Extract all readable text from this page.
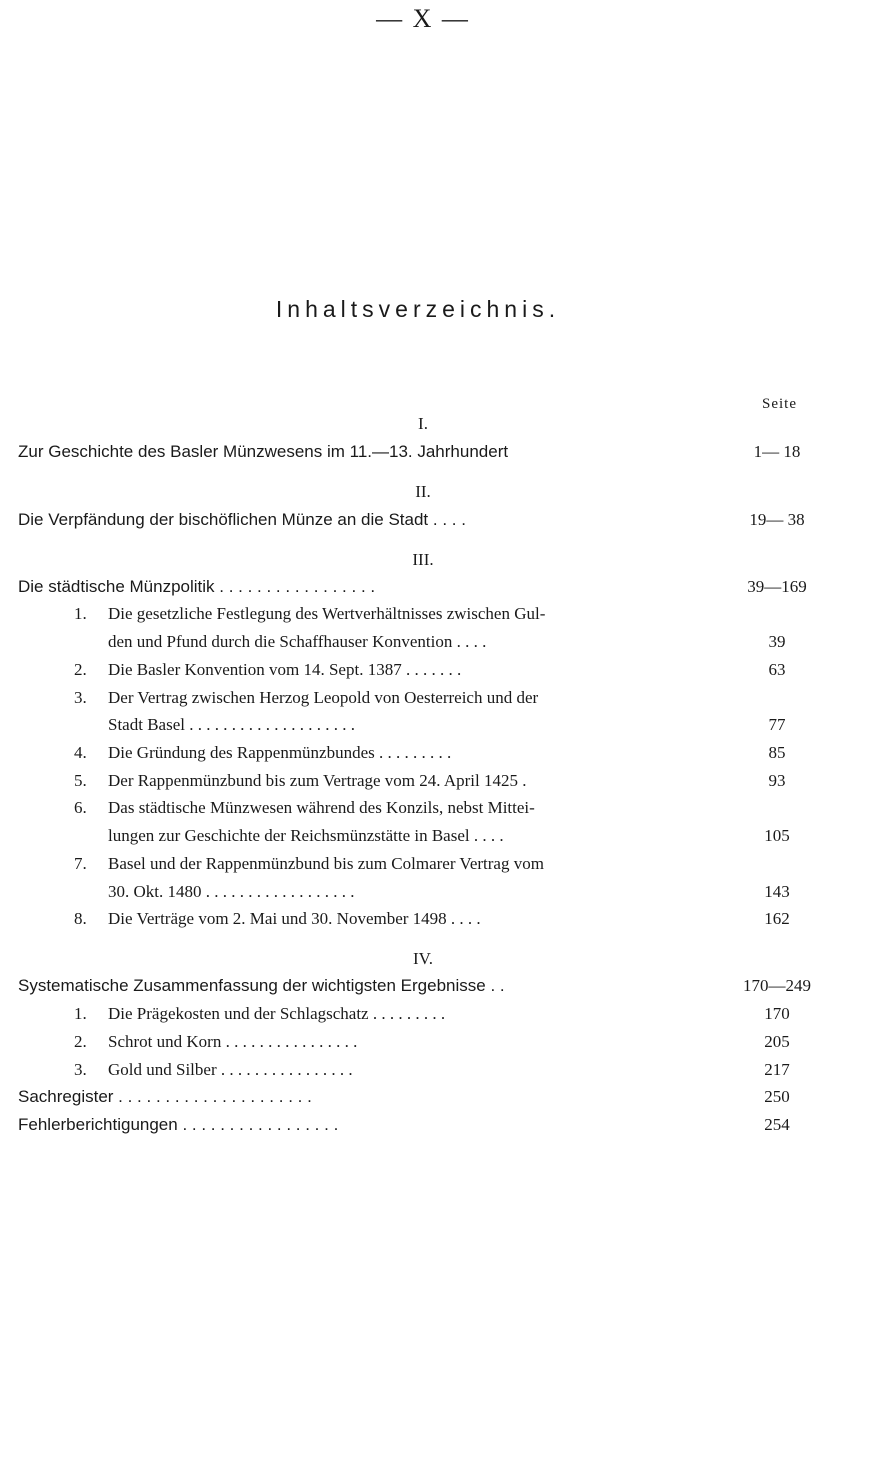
— X —
Inhaltsverzeichnis.
Seite
I.
Zur Geschichte des Basler Münzwesens im 11.—13. Jahrhundert	1— 18
II.
Die Verpfändung der bischöflichen Münze an die Stadt . . . .	19— 38
III.
Die städtische Münzpolitik . . . . . . . . . . . . . . . . .	39—169
1. Die gesetzliche Festlegung des Wertverhältnisses zwischen Gul-
den und Pfund durch die Schaffhauser Konvention . . . .	39
2. Die Basler Konvention vom 14. Sept. 1387 . . . . . . .	63
3. Der Vertrag zwischen Herzog Leopold von Oesterreich und der
Stadt Basel . . . . . . . . . . . . . . . . . . . .	77
4. Die Gründung des Rappenmünzbundes . . . . . . . . .	85
5. Der Rappenmünzbund bis zum Vertrage vom 24. April 1425 .	93
6. Das städtische Münzwesen während des Konzils, nebst Mittei-
lungen zur Geschichte der Reichsmünzstätte in Basel . . . .	105
7. Basel und der Rappenmünzbund bis zum Colmarer Vertrag vom
30. Okt. 1480 . . . . . . . . . . . . . . . . . .	143
8. Die Verträge vom 2. Mai und 30. November 1498 . . . .	162
IV.
Systematische Zusammenfassung der wichtigsten Ergebnisse . .	170—249
1. Die Prägekosten und der Schlagschatz . . . . . . . . .	170
2. Schrot und Korn . . . . . . . . . . . . . . . .	205
3. Gold und Silber . . . . . . . . . . . . . . . .	217
Sachregister . . . . . . . . . . . . . . . . . . . . .	250
Fehlerberichtigungen . . . . . . . . . . . . . . . . .	254
